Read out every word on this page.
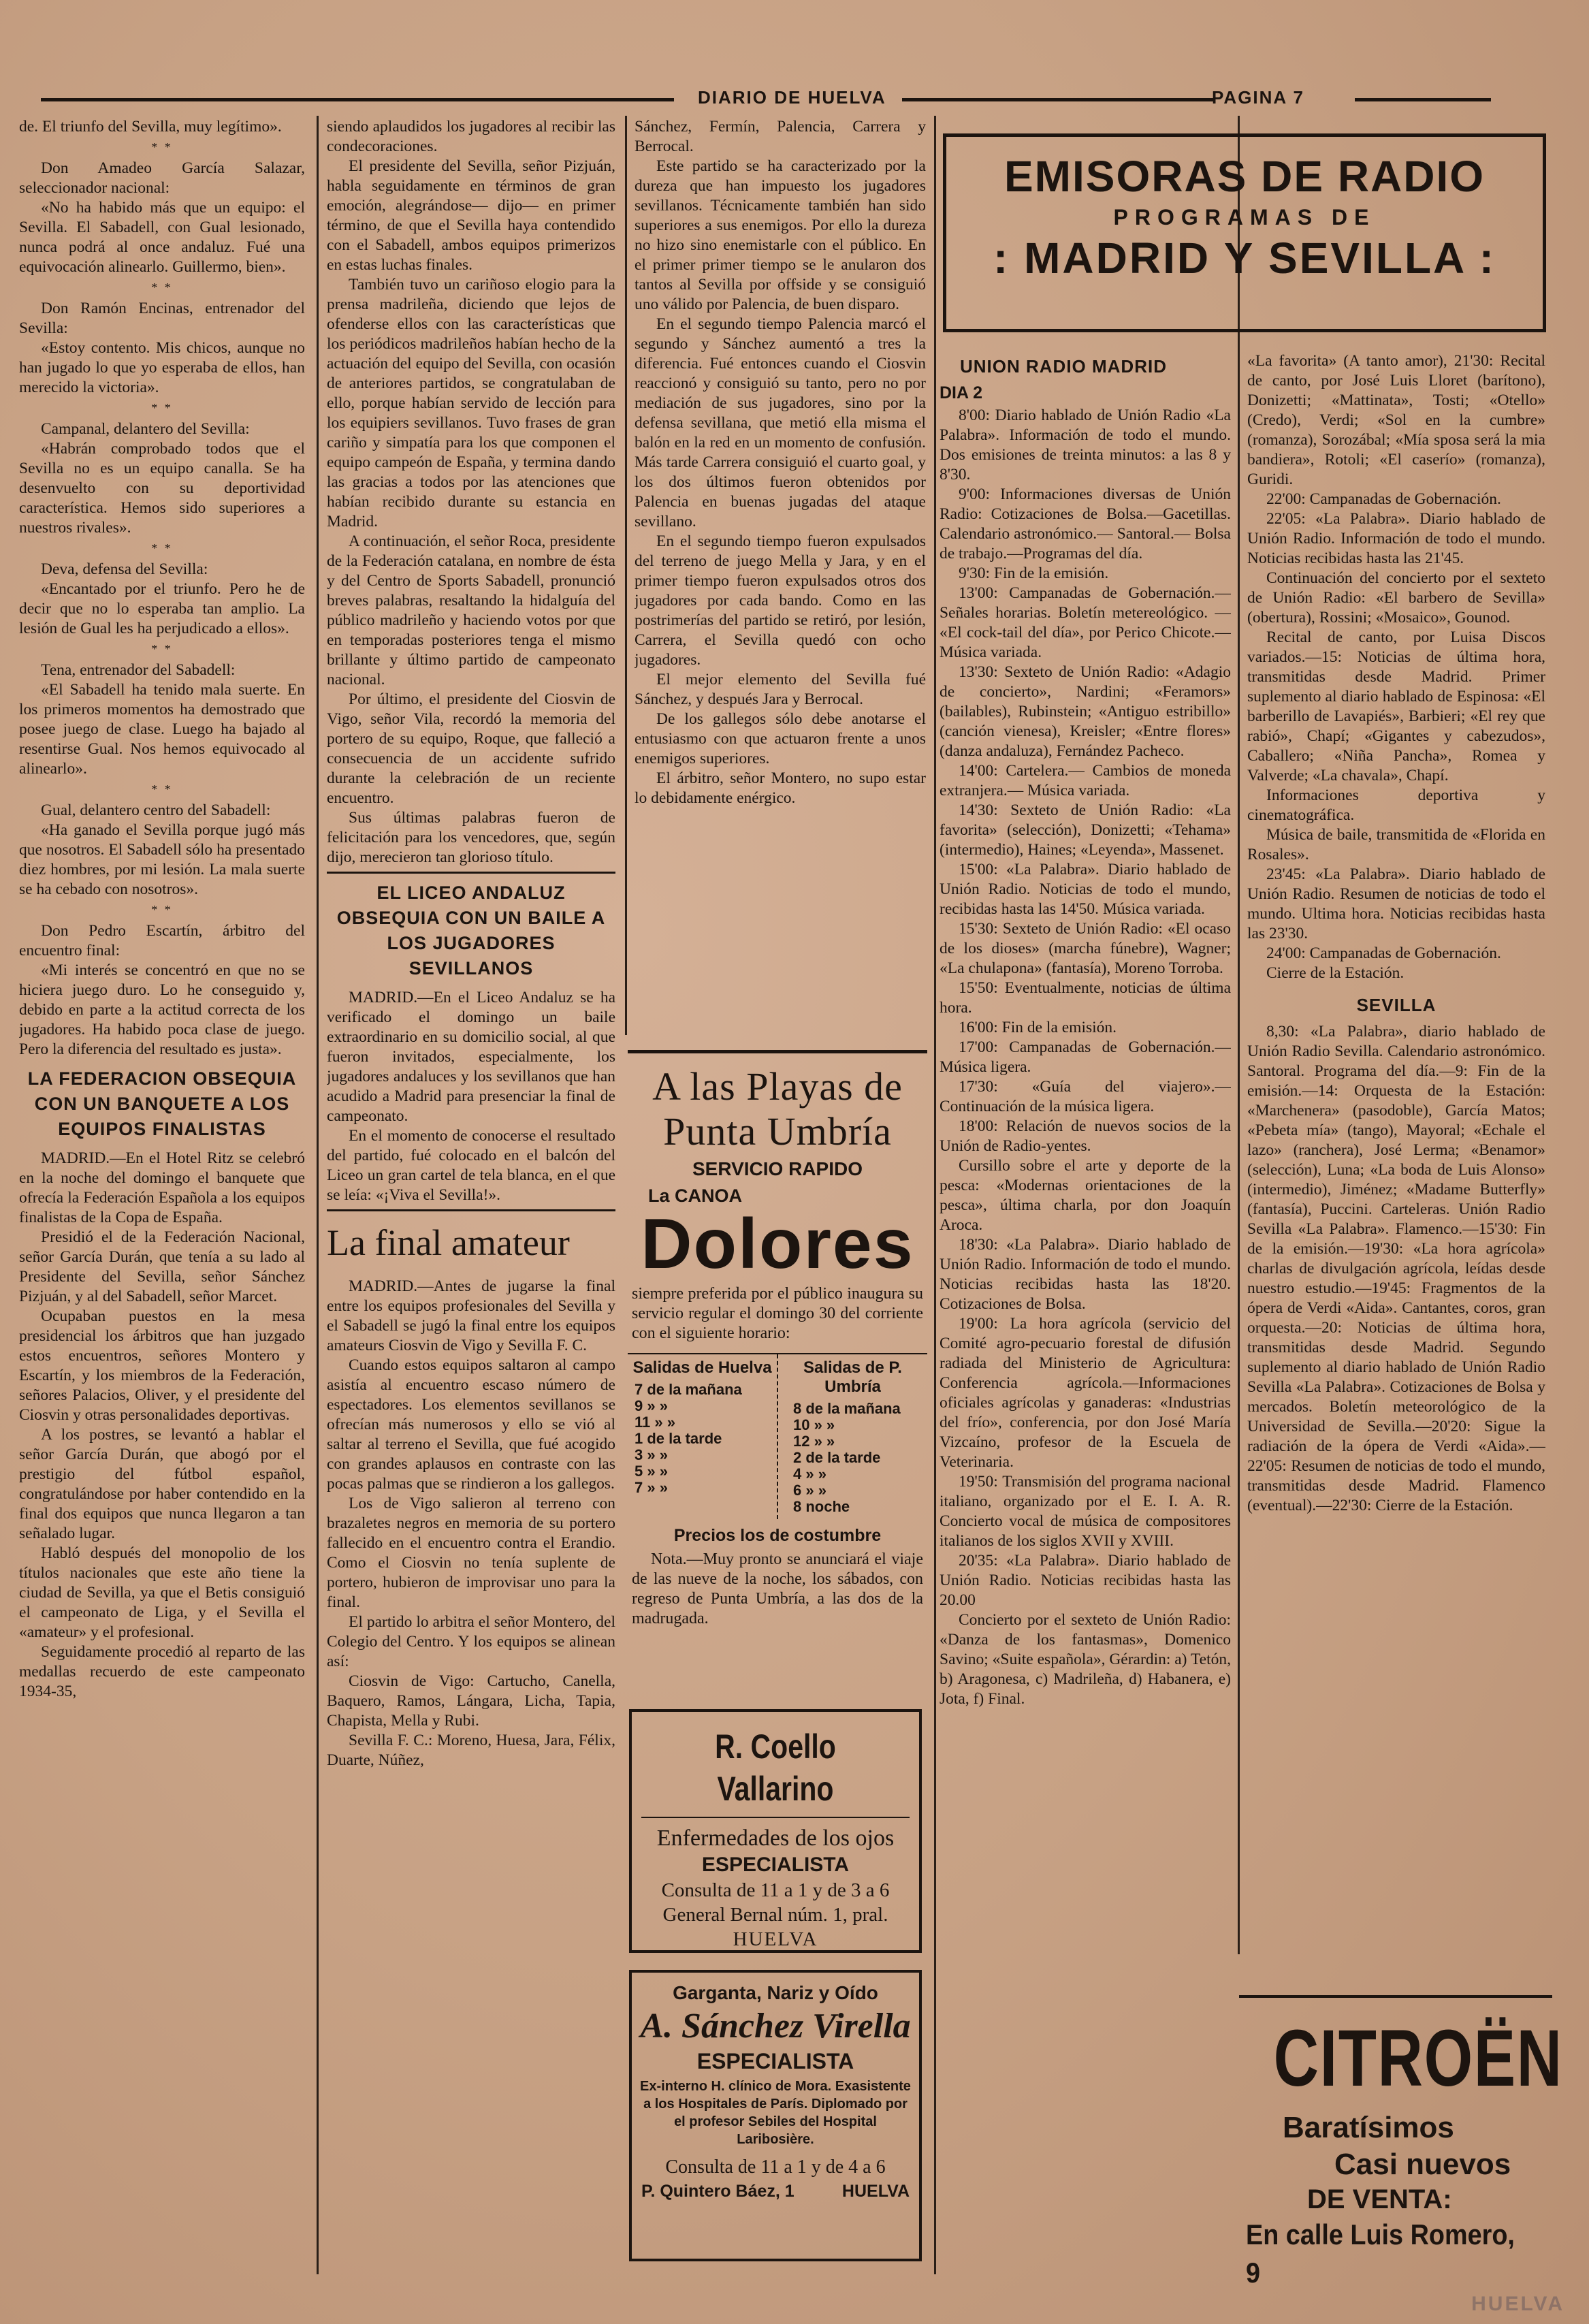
DIARIO DE HUELVA	PAGINA 7

de. El triunfo del Sevilla, muy legítimo».

* *

Don Amadeo García Salazar, seleccionador nacional:

«No ha habido más que un equipo: el Sevilla. El Sabadell, con Gual lesionado, nunca podrá al once andaluz. Fué una equivocación alinearlo. Guillermo, bien».

* *

Don Ramón Encinas, entrenador del Sevilla:

«Estoy contento. Mis chicos, aunque no han jugado lo que yo esperaba de ellos, han merecido la victoria».

* *

Campanal, delantero del Sevilla:

«Habrán comprobado todos que el Sevilla no es un equipo canalla. Se ha desenvuelto con su deportividad característica. Hemos sido superiores a nuestros rivales».

* *

Deva, defensa del Sevilla:

«Encantado por el triunfo. Pero he de decir que no lo esperaba tan amplio. La lesión de Gual les ha perjudicado a ellos».

* *

Tena, entrenador del Sabadell:

«El Sabadell ha tenido mala suerte. En los primeros momentos ha demostrado que posee juego de clase. Luego ha bajado al resentirse Gual. Nos hemos equivocado al alinearlo».

* *

Gual, delantero centro del Sabadell:

«Ha ganado el Sevilla porque jugó más que nosotros. El Sabadell sólo ha presentado diez hombres, por mi lesión. La mala suerte se ha cebado con nosotros».

* *

Don Pedro Escartín, árbitro del encuentro final:

«Mi interés se concentró en que no se hiciera juego duro. Lo he conseguido y, debido en parte a la actitud correcta de los jugadores. Ha habido poca clase de juego. Pero la diferencia del resultado es justa».

LA FEDERACION OBSEQUIA CON UN BANQUETE A LOS EQUIPOS FINALISTAS

MADRID.—En el Hotel Ritz se celebró en la noche del domingo el banquete que ofrecía la Federación Española a los equipos finalistas de la Copa de España.

Presidió el de la Federación Nacional, señor García Durán, que tenía a su lado al Presidente del Sevilla, señor Sánchez Pizjuán, y al del Sabadell, señor Marcet.

Ocupaban puestos en la mesa presidencial los árbitros que han juzgado estos encuentros, señores Montero y Escartín, y los miembros de la Federación, señores Palacios, Oliver, y el presidente del Ciosvin y otras personalidades deportivas.

A los postres, se levantó a hablar el señor García Durán, que abogó por el prestigio del fútbol español, congratulándose por haber contendido en la final dos equipos que nunca llegaron a tan señalado lugar.

Habló después del monopolio de los títulos nacionales que este año tiene la ciudad de Sevilla, ya que el Betis consiguió el campeonato de Liga, y el Sevilla el «amateur» y el profesional.

Seguidamente procedió al reparto de las medallas recuerdo de este campeonato 1934-35,

siendo aplaudidos los jugadores al recibir las condecoraciones.

El presidente del Sevilla, señor Pizjuán, habla seguidamente en términos de gran emoción, alegrándose— dijo— en primer término, de que el Sevilla haya contendido con el Sabadell, ambos equipos primerizos en estas luchas finales.

También tuvo un cariñoso elogio para la prensa madrileña, diciendo que lejos de ofenderse ellos con las características que los periódicos madrileños habían hecho de la actuación del equipo del Sevilla, con ocasión de anteriores partidos, se congratulaban de ello, porque habían servido de lección para los equipiers sevillanos. Tuvo frases de gran cariño y simpatía para los que componen el equipo campeón de España, y termina dando las gracias a todos por las atenciones que habían recibido durante su estancia en Madrid.

A continuación, el señor Roca, presidente de la Federación catalana, en nombre de ésta y del Centro de Sports Sabadell, pronunció breves palabras, resaltando la hidalguía del público madrileño y haciendo votos por que en temporadas posteriores tenga el mismo brillante y último partido de campeonato nacional.

Por último, el presidente del Ciosvin de Vigo, señor Vila, recordó la memoria del portero de su equipo, Roque, que falleció a consecuencia de un accidente sufrido durante la celebración de un reciente encuentro.

Sus últimas palabras fueron de felicitación para los vencedores, que, según dijo, merecieron tan glorioso título.

EL LICEO ANDALUZ OBSEQUIA CON UN BAILE A LOS JUGADORES SEVILLANOS

MADRID.—En el Liceo Andaluz se ha verificado el domingo un baile extraordinario en su domicilio social, al que fueron invitados, especialmente, los jugadores andaluces y los sevillanos que han acudido a Madrid para presenciar la final de campeonato.

En el momento de conocerse el resultado del partido, fué colocado en el balcón del Liceo un gran cartel de tela blanca, en el que se leía: «¡Viva el Sevilla!».

La final amateur

MADRID.—Antes de jugarse la final entre los equipos profesionales del Sevilla y el Sabadell se jugó la final entre los equipos amateurs Ciosvin de Vigo y Sevilla F. C.

Cuando estos equipos saltaron al campo asistía al encuentro escaso número de espectadores. Los elementos sevillanos se ofrecían más numerosos y ello se vió al saltar al terreno el Sevilla, que fué acogido con grandes aplausos en contraste con las pocas palmas que se rindieron a los gallegos.

Los de Vigo salieron al terreno con brazaletes negros en memoria de su portero fallecido en el encuentro contra el Erandio. Como el Ciosvin no tenía suplente de portero, hubieron de improvisar uno para la final.

El partido lo arbitra el señor Montero, del Colegio del Centro. Y los equipos se alinean así:

Ciosvin de Vigo: Cartucho, Canella, Baquero, Ramos, Lángara, Licha, Tapia, Chapista, Mella y Rubi.

Sevilla F. C.: Moreno, Huesa, Jara, Félix, Duarte, Núñez,

Sánchez, Fermín, Palencia, Carrera y Berrocal.

Este partido se ha caracterizado por la dureza que han impuesto los jugadores sevillanos. Técnicamente también han sido superiores a sus enemigos. Por ello la dureza no hizo sino enemistarle con el público. En el primer primer tiempo se le anularon dos tantos al Sevilla por offside y se consiguió uno válido por Palencia, de buen disparo.

En el segundo tiempo Palencia marcó el segundo y Sánchez aumentó a tres la diferencia. Fué entonces cuando el Ciosvin reaccionó y consiguió su tanto, pero no por mediación de sus jugadores, sino por la defensa sevillana, que metió ella misma el balón en la red en un momento de confusión. Más tarde Carrera consiguió el cuarto goal, y los dos últimos fueron obtenidos por Palencia en buenas jugadas del ataque sevillano.

En el segundo tiempo fueron expulsados del terreno de juego Mella y Jara, y en el primer tiempo fueron expulsados otros dos jugadores por cada bando. Como en las postrimerías del partido se retiró, por lesión, Carrera, el Sevilla quedó con ocho jugadores.

El mejor elemento del Sevilla fué Sánchez, y después Jara y Berrocal.

De los gallegos sólo debe anotarse el entusiasmo con que actuaron frente a unos enemigos superiores.

El árbitro, señor Montero, no supo estar lo debidamente enérgico.

A las Playas de Punta Umbría
SERVICIO RAPIDO
La CANOA
Dolores
siempre preferida por el público inaugura su servicio regular el domingo 30 del corriente con el siguiente horario:
Salidas de Huelva
7 de la mañana
9 » »
11 » »
1 de la tarde
3 » »
5 » »
7 » »
Salidas de P. Umbría
8 de la mañana
10 » »
12 » »
2 de la tarde
4 » »
6 » »
8 noche
Precios los de costumbre
Nota.—Muy pronto se anunciará el viaje de las nueve de la noche, los sábados, con regreso de Punta Umbría, a las dos de la madrugada.
R. Coello Vallarino
Enfermedades de los ojos
ESPECIALISTA
Consulta de 11 a 1 y de 3 a 6
General Bernal núm. 1, pral.
HUELVA
Garganta, Nariz y Oído
A. Sánchez Virella
ESPECIALISTA
Ex-interno H. clínico de Mora. Exasistente a los Hospitales de París. Diplomado por el profesor Sebiles del Hospital Laribosière.
Consulta de 11 a 1 y de 4 a 6
P. Quintero Báez, 1	HUELVA
EMISORAS DE RADIO
PROGRAMAS DE
: MADRID Y SEVILLA :
UNION RADIO MADRID
DIA 2

8'00: Diario hablado de Unión Radio «La Palabra». Información de todo el mundo. Dos emisiones de treinta minutos: a las 8 y 8'30.

9'00: Informaciones diversas de Unión Radio: Cotizaciones de Bolsa.—Gacetillas. Calendario astronómico.— Santoral.— Bolsa de trabajo.—Programas del día.

9'30: Fin de la emisión.

13'00: Campanadas de Gobernación.— Señales horarias. Boletín metereológico. — «El cock-tail del día», por Perico Chicote.—Música variada.

13'30: Sexteto de Unión Radio: «Adagio de concierto», Nardini; «Feramors» (bailables), Rubinstein; «Antiguo estribillo» (canción vienesa), Kreisler; «Entre flores» (danza andaluza), Fernández Pacheco.

14'00: Cartelera.— Cambios de moneda extranjera.— Música variada.

14'30: Sexteto de Unión Radio: «La favorita» (selección), Donizetti; «Tehama» (intermedio), Haines; «Leyenda», Massenet.

15'00: «La Palabra». Diario hablado de Unión Radio. Noticias de todo el mundo, recibidas hasta las 14'50. Música variada.

15'30: Sexteto de Unión Radio: «El ocaso de los dioses» (marcha fúnebre), Wagner; «La chulapona» (fantasía), Moreno Torroba.

15'50: Eventualmente, noticias de última hora.

16'00: Fin de la emisión.

17'00: Campanadas de Gobernación.—Música ligera.

17'30: «Guía del viajero».— Continuación de la música ligera.

18'00: Relación de nuevos socios de la Unión de Radio-yentes.

Cursillo sobre el arte y deporte de la pesca: «Modernas orientaciones de la pesca», última charla, por don Joaquín Aroca.

18'30: «La Palabra». Diario hablado de Unión Radio. Información de todo el mundo. Noticias recibidas hasta las 18'20. Cotizaciones de Bolsa.

19'00: La hora agrícola (servicio del Comité agro-pecuario forestal de difusión radiada del Ministerio de Agricultura: Conferencia agrícola.—Informaciones oficiales agrícolas y ganaderas: «Industrias del frío», conferencia, por don José María Vizcaíno, profesor de la Escuela de Veterinaria.

19'50: Transmisión del programa nacional italiano, organizado por el E. I. A. R. Concierto vocal de música de compositores italianos de los siglos XVII y XVIII.

20'35: «La Palabra». Diario hablado de Unión Radio. Noticias recibidas hasta las 20.00

Concierto por el sexteto de Unión Radio: «Danza de los fantasmas», Domenico Savino; «Suite española», Gérardin: a) Tetón, b) Aragonesa, c) Madrileña, d) Habanera, e) Jota, f) Final.

«La favorita» (A tanto amor), 21'30: Recital de canto, por José Luis Lloret (barítono), Donizetti; «Mattinata», Tosti; «Otello» (Credo), Verdi; «Sol en la cumbre» (romanza), Sorozábal; «Mía sposa será la mia bandiera», Rotoli; «El caserío» (romanza), Guridi.

22'00: Campanadas de Gobernación.

22'05: «La Palabra». Diario hablado de Unión Radio. Información de todo el mundo. Noticias recibidas hasta las 21'45.

Continuación del concierto por el sexteto de Unión Radio: «El barbero de Sevilla» (obertura), Rossini; «Mosaico», Gounod.

Recital de canto, por Luisa Discos variados.—15: Noticias de última hora, transmitidas desde Madrid. Primer suplemento al diario hablado de Espinosa: «El barberillo de Lavapiés», Barbieri; «El rey que rabió», Chapí; «Gigantes y cabezudos», Caballero; «Niña Pancha», Romea y Valverde; «La chavala», Chapí.

Informaciones deportiva y cinematográfica.

Música de baile, transmitida de «Florida en Rosales».

23'45: «La Palabra». Diario hablado de Unión Radio. Resumen de noticias de todo el mundo. Ultima hora. Noticias recibidas hasta las 23'30.

24'00: Campanadas de Gobernación.

Cierre de la Estación.

SEVILLA

8,30: «La Palabra», diario hablado de Unión Radio Sevilla. Calendario astronómico. Santoral. Programa del día.—9: Fin de la emisión.—14: Orquesta de la Estación: «Marchenera» (pasodoble), García Matos; «Pebeta mía» (tango), Mayoral; «Echale el lazo» (ranchera), José Lerma; «Benamor» (selección), Luna; «La boda de Luis Alonso» (intermedio), Jiménez; «Madame Butterfly» (fantasía), Puccini. Carteleras. Unión Radio Sevilla «La Palabra». Flamenco.—15'30: Fin de la emisión.—19'30: «La hora agrícola» charlas de divulgación agrícola, leídas desde nuestro estudio.—19'45: Fragmentos de la ópera de Verdi «Aida». Cantantes, coros, gran orquesta.—20: Noticias de última hora, transmitidas desde Madrid. Segundo suplemento al diario hablado de Unión Radio Sevilla «La Palabra». Cotizaciones de Bolsa y mercados. Boletín meteorológico de la Universidad de Sevilla.—20'20: Sigue la radiación de la ópera de Verdi «Aida».— 22'05: Resumen de noticias de todo el mundo, transmitidas desde Madrid. Flamenco (eventual).—22'30: Cierre de la Estación.

CITROËN
Baratísimos
Casi nuevos
DE VENTA:
En calle Luis Romero, 9
HUELVA
